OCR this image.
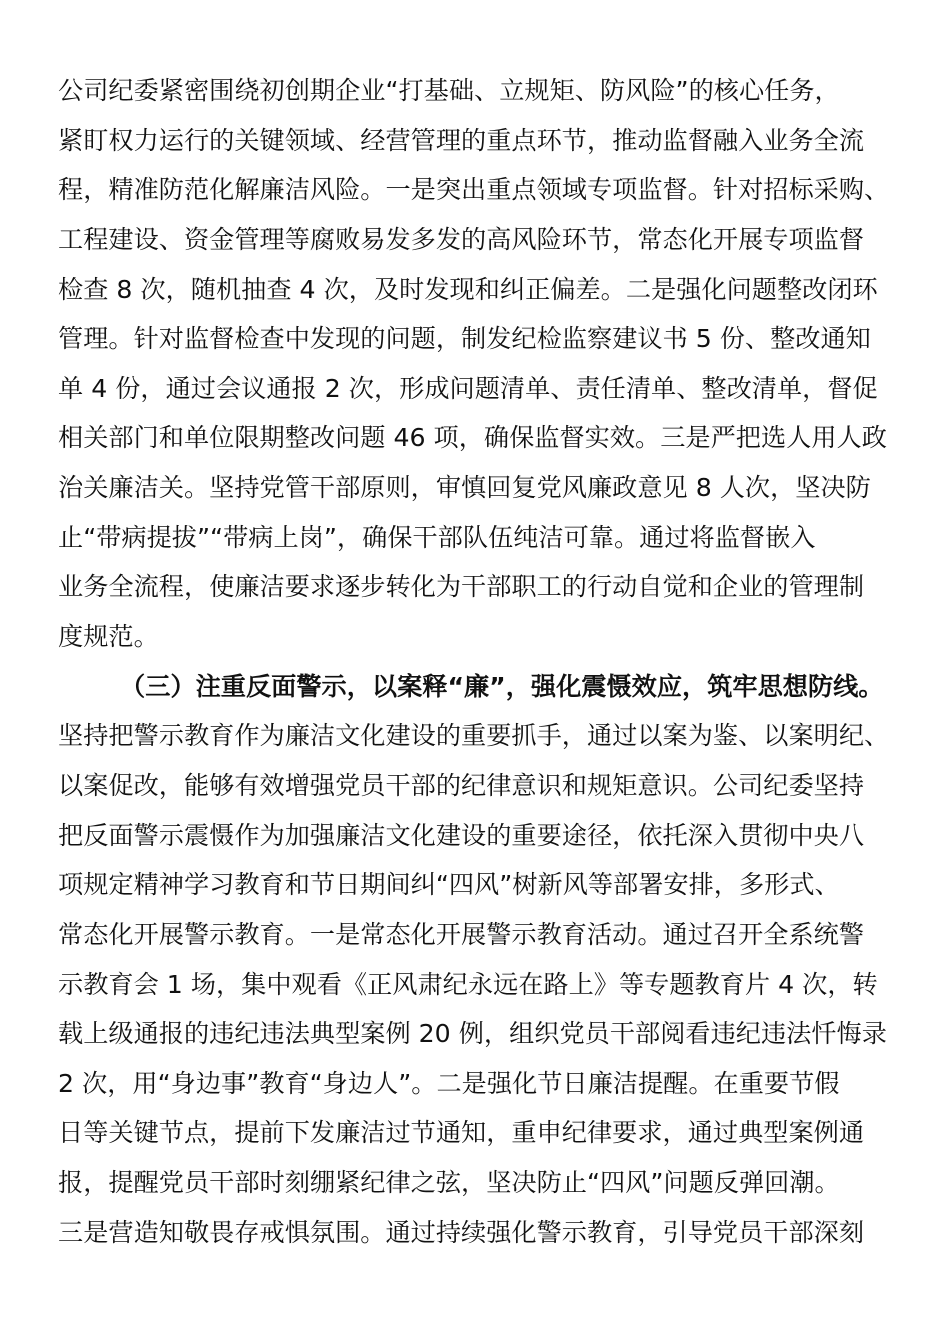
公司纪委紧密围绕初创期企业“打基础、立规矩、防风险”的核心任务，
紧盯权力运行的关键领域、经营管理的重点环节，推动监督融入业务全流
程，精准防范化解廉洁风险。一是突出重点领域专项监督。针对招标采购、
工程建设、资金管理等腐败易发多发的高风险环节，常态化开展专项监督
检查 8 次，随机抽查 4 次，及时发现和纠正偏差。二是强化问题整改闭环
管理。针对监督检查中发现的问题，制发纪检监察建议书 5 份、整改通知
单 4 份，通过会议通报 2 次，形成问题清单、责任清单、整改清单，督促
相关部门和单位限期整改问题 46 项，确保监督实效。三是严把选人用人政
治关廉洁关。坚持党管干部原则，审慎回复党风廉政意见 8 人次，坚决防
止“带病提拔”“带病上岗”，确保干部队伍纯洁可靠。通过将监督嵌入
业务全流程，使廉洁要求逐步转化为干部职工的行动自觉和企业的管理制
度规范。
（三）注重反面警示，以案释“廉”，强化震慑效应，筑牢思想防线。
坚持把警示教育作为廉洁文化建设的重要抓手，通过以案为鉴、以案明纪、
以案促改，能够有效增强党员干部的纪律意识和规矩意识。公司纪委坚持
把反面警示震慑作为加强廉洁文化建设的重要途径，依托深入贯彻中央八
项规定精神学习教育和节日期间纠“四风”树新风等部署安排，多形式、
常态化开展警示教育。一是常态化开展警示教育活动。通过召开全系统警
示教育会 1 场，集中观看《正风肃纪永远在路上》等专题教育片 4 次，转
载上级通报的违纪违法典型案例 20 例，组织党员干部阅看违纪违法忏悔录
2 次，用“身边事”教育“身边人”。二是强化节日廉洁提醒。在重要节假
日等关键节点，提前下发廉洁过节通知，重申纪律要求，通过典型案例通
报，提醒党员干部时刻绷紧纪律之弦，坚决防止“四风”问题反弹回潮。
三是营造知敬畏存戒惧氛围。通过持续强化警示教育，引导党员干部深刻
